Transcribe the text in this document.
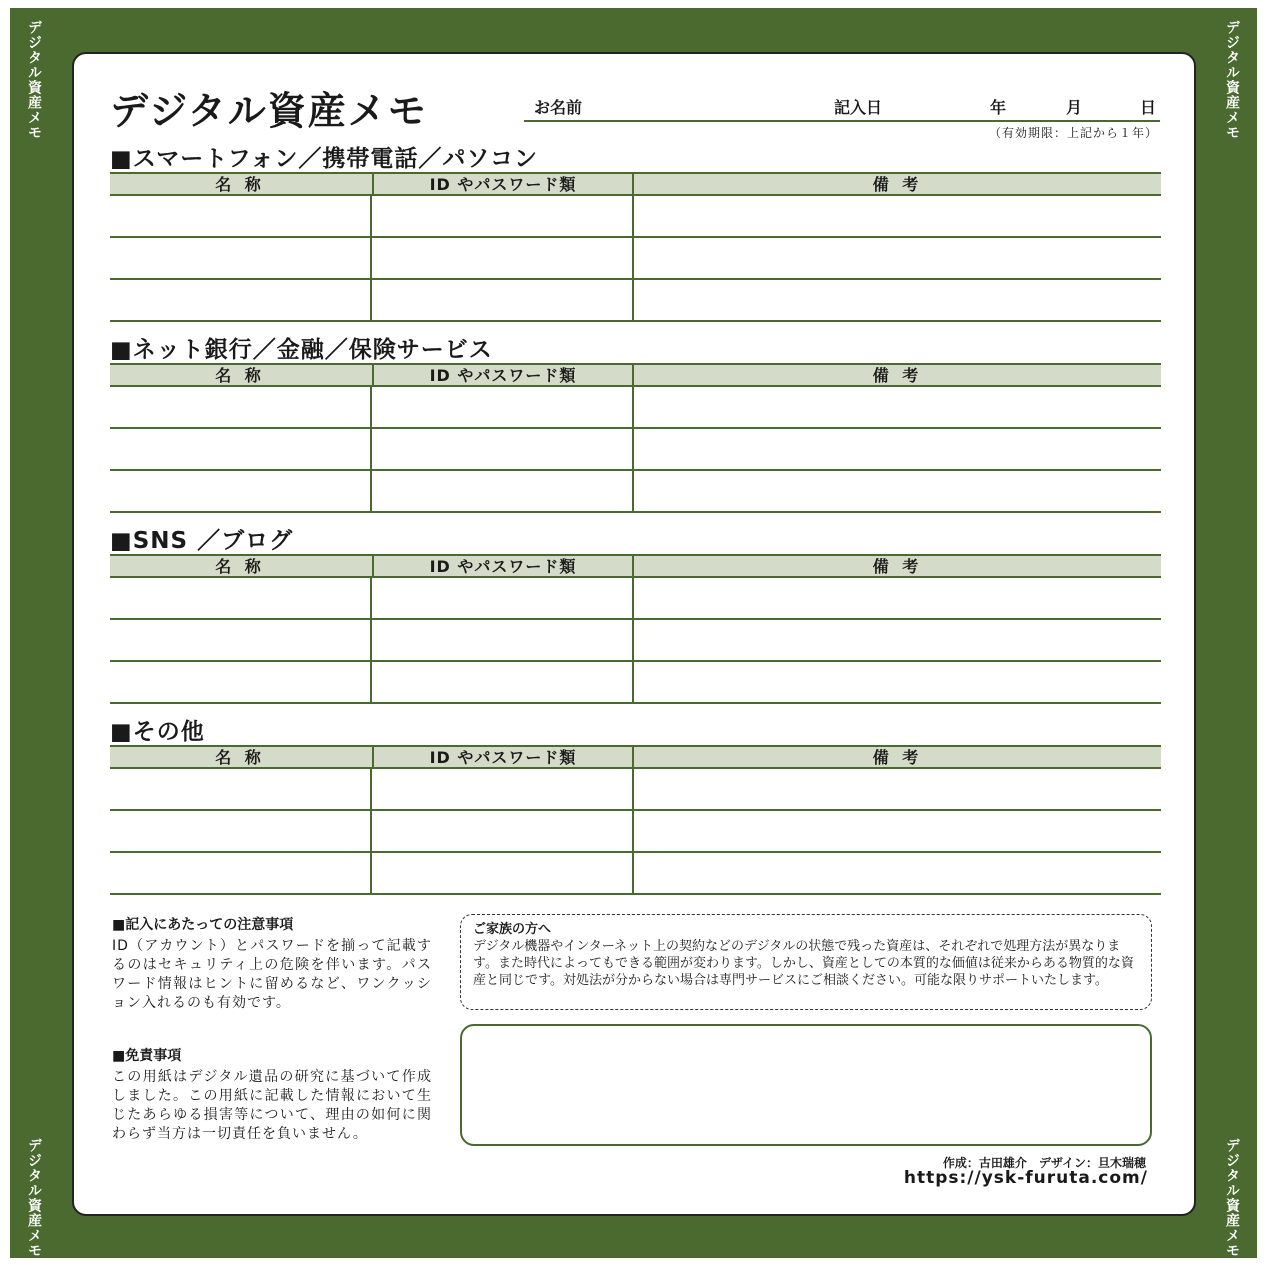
デジタル資産メモ	デジタル資産メモ
デジタル資産メモ	デジタル資産メモ
デジタル資産メモ	お名前	記入日	年	月	日
（有効期限：上記から１年）
■スマートフォン／携帯電話／パソコン
名 称	ID やパスワード類	備 考
■ネット銀行／金融／保険サービス
名 称	ID やパスワード類	備 考
■SNS ／ブログ
名 称	ID やパスワード類	備 考
■その他
名 称	ID やパスワード類	備 考
■記入にあたっての注意事項
ID（アカウント）とパスワードを揃って記載するのはセキュリティ上の危険を伴います。パスワード情報はヒントに留めるなど、ワンクッション入れるのも有効です。
■免責事項
この用紙はデジタル遺品の研究に基づいて作成しました。この用紙に記載した情報において生じたあらゆる損害等について、理由の如何に関わらず当方は一切責任を負いません。
ご家族の方へ
デジタル機器やインターネット上の契約などのデジタルの状態で残った資産は、それぞれで処理方法が異なります。また時代によってもできる範囲が変わります。しかし、資産としての本質的な価値は従来からある物質的な資産と同じです。対処法が分からない場合は専門サービスにご相談ください。可能な限りサポートいたします。
作成：古田雄介　デザイン：旦木瑞穂
https://ysk-furuta.com/
